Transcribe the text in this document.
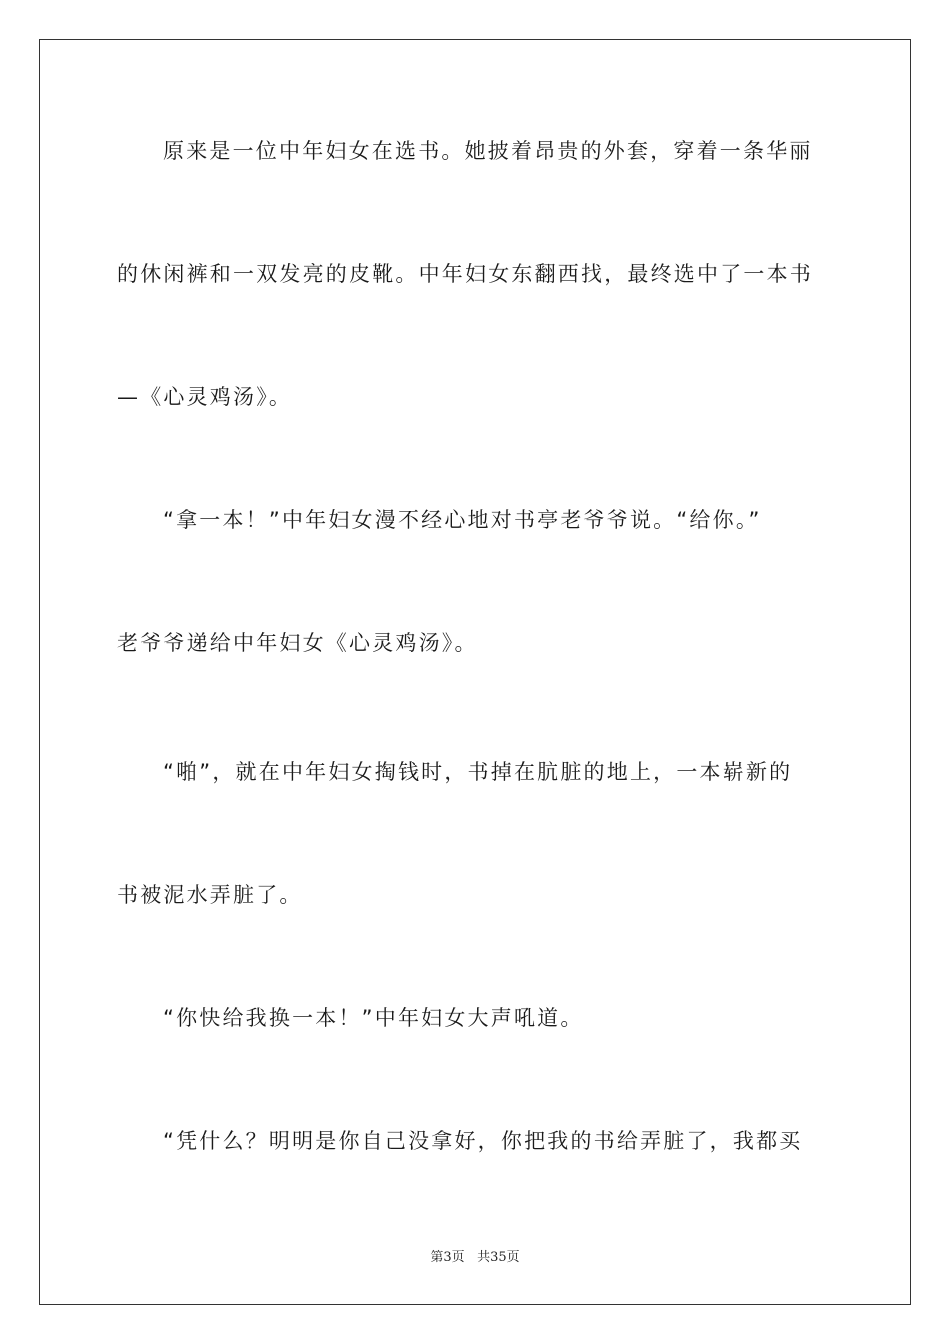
原来是一位中年妇女在选书。她披着昂贵的外套，穿着一条华丽
的休闲裤和一双发亮的皮靴。中年妇女东翻西找，最终选中了一本书
—《心灵鸡汤》。
“拿一本！”中年妇女漫不经心地对书亭老爷爷说。“给你。”
老爷爷递给中年妇女《心灵鸡汤》。
“啪”，就在中年妇女掏钱时，书掉在肮脏的地上，一本崭新的
书被泥水弄脏了。
“你快给我换一本！”中年妇女大声吼道。
“凭什么？明明是你自己没拿好，你把我的书给弄脏了，我都买
第3页 共35页
